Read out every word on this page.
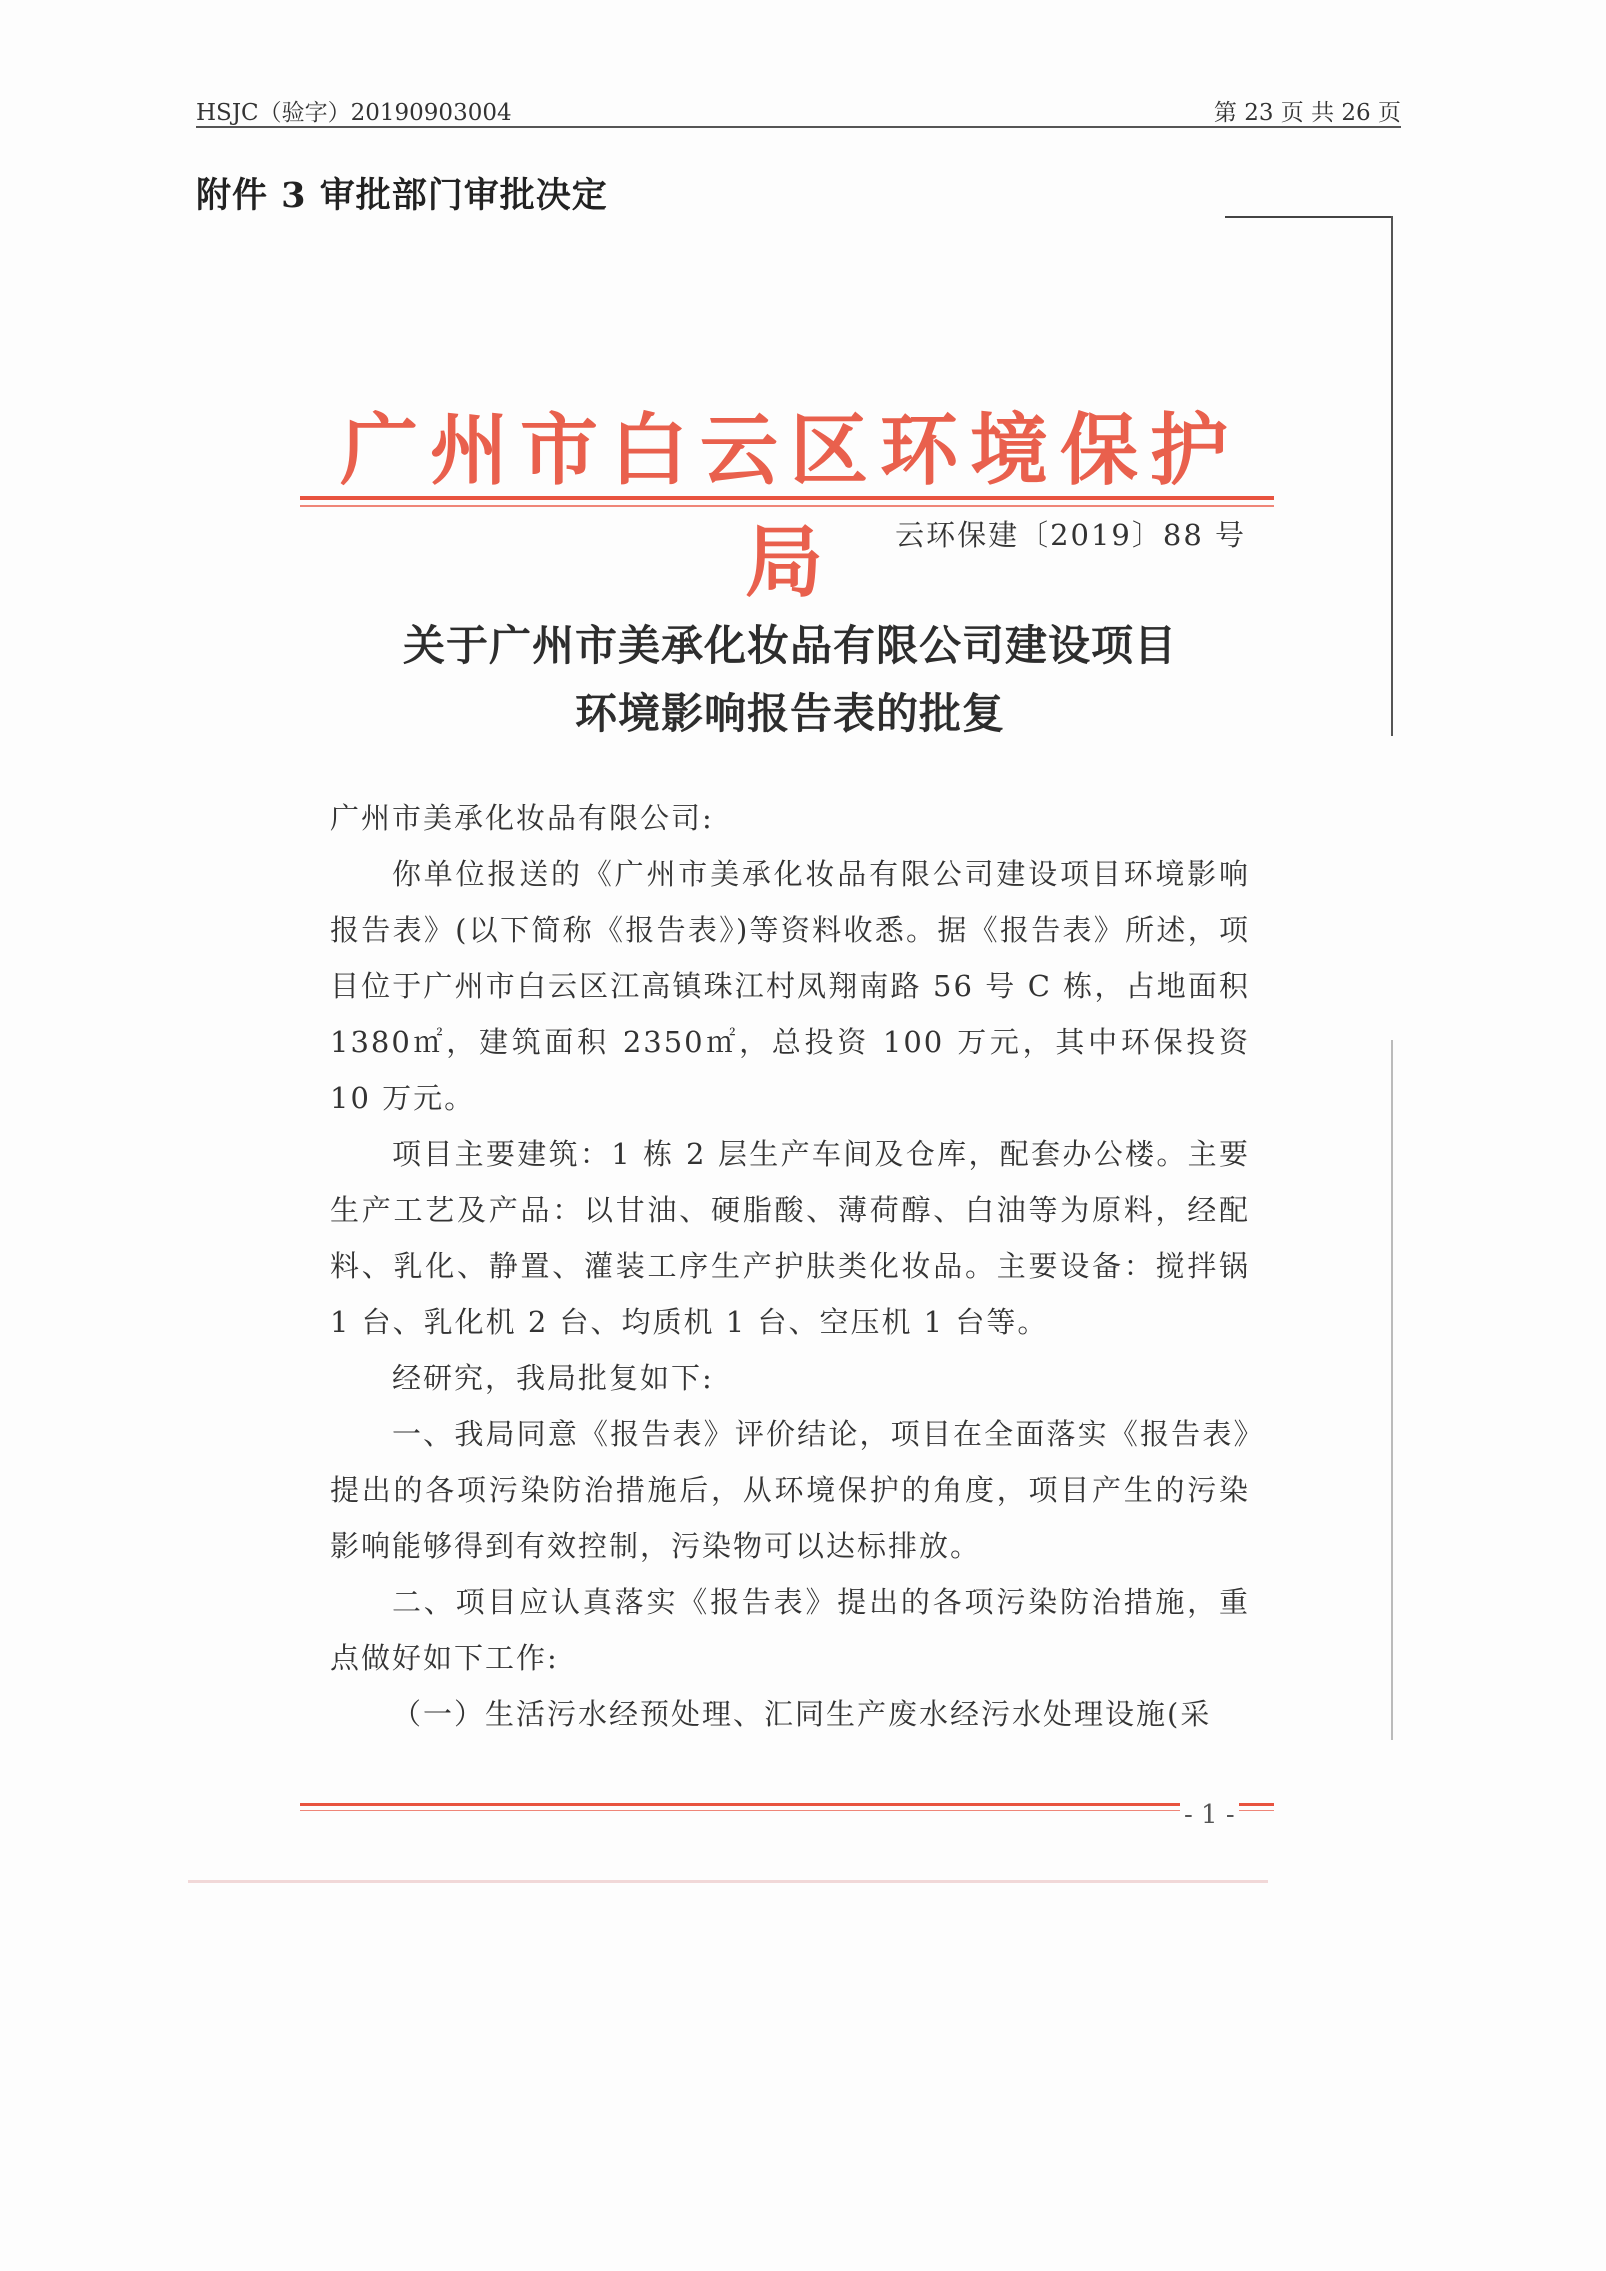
HSJC（验字）20190903004	第 23 页 共 26 页
附件 3 审批部门审批决定
广州市白云区环境保护局	云环保建〔2019〕88 号
关于广州市美承化妆品有限公司建设项目
环境影响报告表的批复

广州市美承化妆品有限公司:

你单位报送的《广州市美承化妆品有限公司建设项目环境影响报告表》(以下简称《报告表》)等资料收悉。据《报告表》所述，项目位于广州市白云区江高镇珠江村凤翔南路 56 号 C 栋，占地面积 1380㎡，建筑面积 2350㎡，总投资 100 万元，其中环保投资 10 万元。

项目主要建筑：1 栋 2 层生产车间及仓库，配套办公楼。主要生产工艺及产品：以甘油、硬脂酸、薄荷醇、白油等为原料，经配料、乳化、静置、灌装工序生产护肤类化妆品。主要设备：搅拌锅 1 台、乳化机 2 台、均质机 1 台、空压机 1 台等。

经研究，我局批复如下:

一、我局同意《报告表》评价结论，项目在全面落实《报告表》提出的各项污染防治措施后，从环境保护的角度，项目产生的污染影响能够得到有效控制，污染物可以达标排放。

二、项目应认真落实《报告表》提出的各项污染防治措施，重点做好如下工作:

（一）生活污水经预处理、汇同生产废水经污水处理设施(采

- 1 -
